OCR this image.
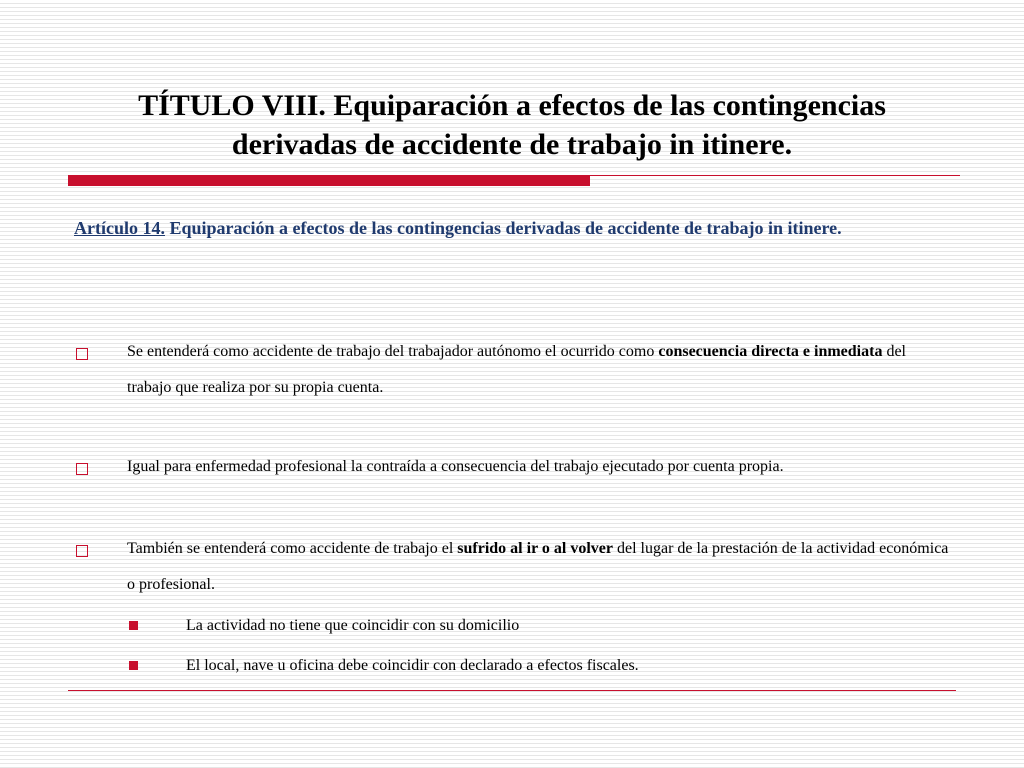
TÍTULO VIII. Equiparación a efectos de las contingencias
derivadas de accidente de trabajo in itinere.

Artículo 14. Equiparación a efectos de las contingencias derivadas de accidente de trabajo in itinere.

Se entenderá como accidente de trabajo del trabajador autónomo el ocurrido como consecuencia directa e inmediata del trabajo que realiza por su propia cuenta.
Igual para enfermedad profesional la contraída a consecuencia del trabajo ejecutado por cuenta propia.
También se entenderá como accidente de trabajo el sufrido al ir o al volver del lugar de la prestación de la actividad económica o profesional.
La actividad no tiene que coincidir con su domicilio
El local, nave u oficina debe coincidir con declarado a efectos fiscales.
